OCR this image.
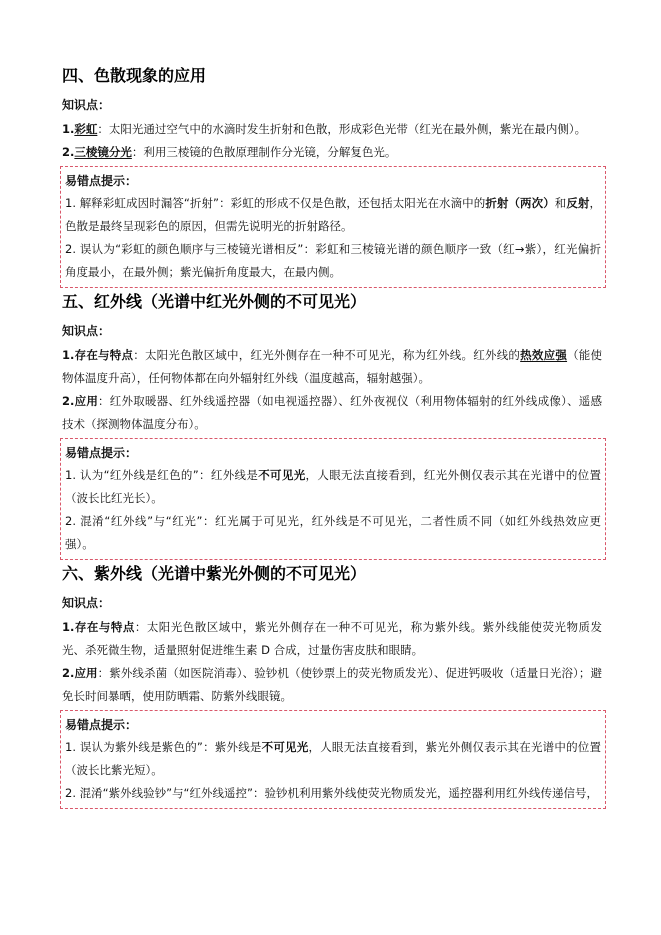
四、色散现象的应用
知识点：

1.彩虹：太阳光通过空气中的水滴时发生折射和色散，形成彩色光带（红光在最外侧，紫光在最内侧）。

2.三棱镜分光：利用三棱镜的色散原理制作分光镜，分解复色光。

易错点提示：

1. 解释彩虹成因时漏答“折射”：彩虹的形成不仅是色散，还包括太阳光在水滴中的折射（两次）和反射，色散是最终呈现彩色的原因，但需先说明光的折射路径。

2. 误认为“彩虹的颜色顺序与三棱镜光谱相反”：彩虹和三棱镜光谱的颜色顺序一致（红→紫），红光偏折角度最小，在最外侧；紫光偏折角度最大，在最内侧。

五、红外线（光谱中红光外侧的不可见光）
知识点：

1.存在与特点：太阳光色散区域中，红光外侧存在一种不可见光，称为红外线。红外线的热效应强（能使物体温度升高），任何物体都在向外辐射红外线（温度越高，辐射越强）。

2.应用：红外取暖器、红外线遥控器（如电视遥控器）、红外夜视仪（利用物体辐射的红外线成像）、遥感技术（探测物体温度分布）。

易错点提示：

1. 认为“红外线是红色的”：红外线是不可见光，人眼无法直接看到，红光外侧仅表示其在光谱中的位置（波长比红光长）。

2. 混淆“红外线”与“红光”：红光属于可见光，红外线是不可见光，二者性质不同（如红外线热效应更强）。

六、紫外线（光谱中紫光外侧的不可见光）
知识点：

1.存在与特点：太阳光色散区域中，紫光外侧存在一种不可见光，称为紫外线。紫外线能使荧光物质发光、杀死微生物，适量照射促进维生素 D 合成，过量伤害皮肤和眼睛。

2.应用：紫外线杀菌（如医院消毒）、验钞机（使钞票上的荧光物质发光）、促进钙吸收（适量日光浴）；避免长时间暴晒，使用防晒霜、防紫外线眼镜。

易错点提示：

1. 误认为紫外线是紫色的”：紫外线是不可见光，人眼无法直接看到，紫光外侧仅表示其在光谱中的位置（波长比紫光短）。

2. 混淆“紫外线验钞”与“红外线遥控”：验钞机利用紫外线使荧光物质发光，遥控器利用红外线传递信号，
